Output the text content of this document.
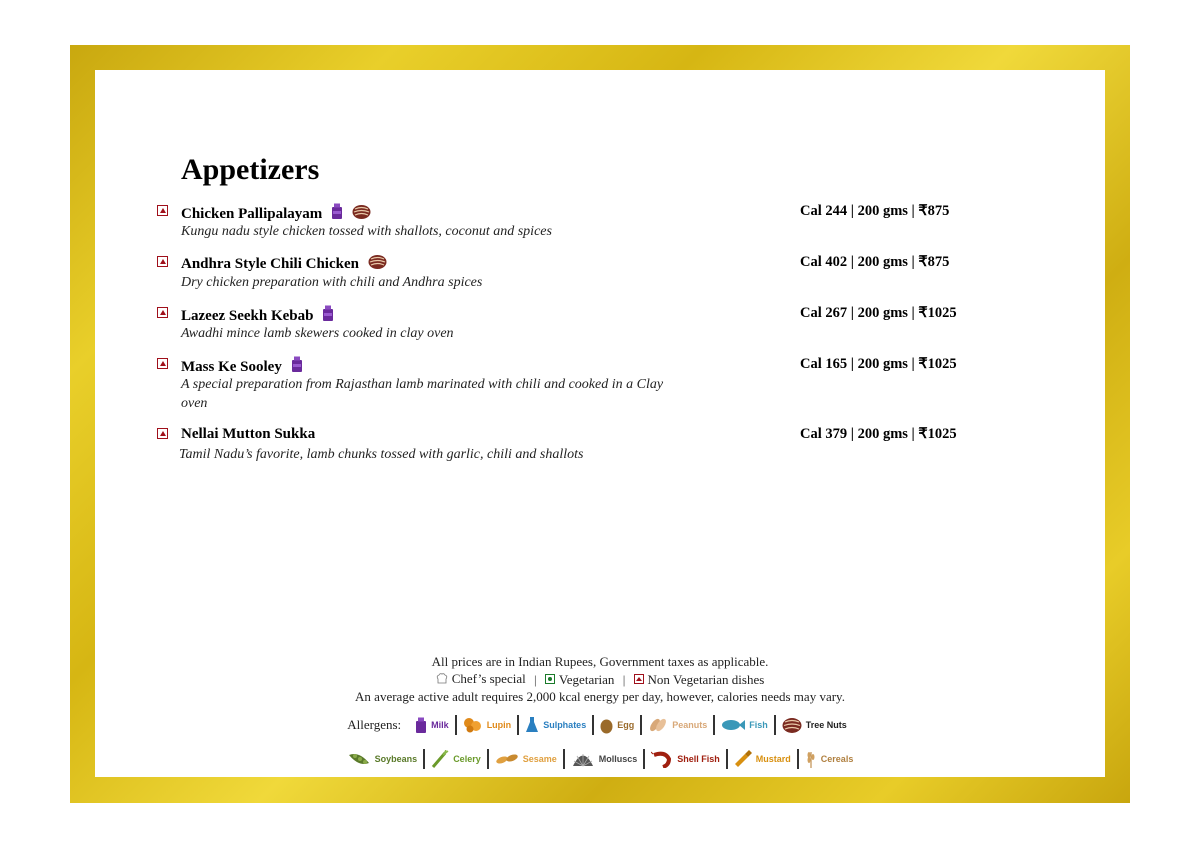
Appetizers
Chicken Pallipalayam
Kungu nadu style chicken tossed with shallots, coconut and spices
Cal 244 | 200 gms | ₹875
Andhra Style Chili Chicken
Dry chicken preparation with chili and Andhra spices
Cal 402 | 200 gms | ₹875
Lazeez Seekh Kebab
Awadhi mince lamb skewers cooked in clay oven
Cal 267 | 200 gms | ₹1025
Mass Ke Sooley
A special preparation from Rajasthan lamb marinated with chili and cooked in a Clay oven
Cal 165 | 200 gms | ₹1025
Nellai Mutton Sukka
Tamil Nadu’s favorite, lamb chunks tossed with garlic, chili and shallots
Cal 379 | 200 gms | ₹1025
All prices are in Indian Rupees, Government taxes as applicable.
Chef’s special | Vegetarian | Non Vegetarian dishes
An average active adult requires 2,000 kcal energy per day, however, calories needs may vary.
Allergens:	Milk	Lupin	Sulphates	Egg	Peanuts	Fish	Tree Nuts
Soybeans	Celery	Sesame	Molluscs	Shell Fish	Mustard	Cereals
